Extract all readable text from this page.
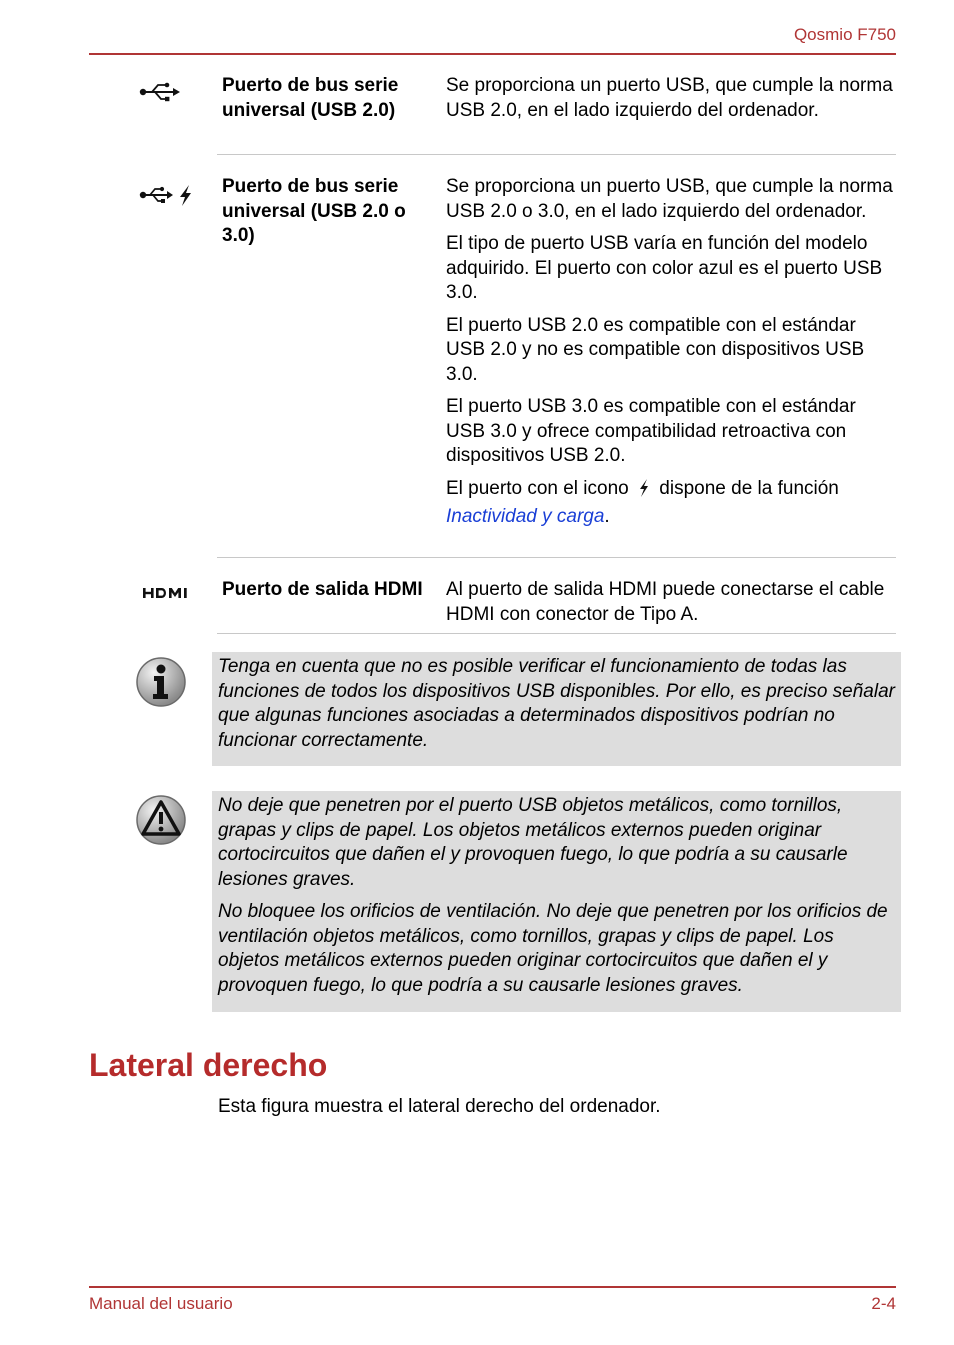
Qosmio F750
Puerto de bus serie universal (USB 2.0)

Se proporciona un puerto USB, que cumple la norma USB 2.0, en el lado izquierdo del ordenador.

Puerto de bus serie universal (USB 2.0 o 3.0)

Se proporciona un puerto USB, que cumple la norma USB 2.0 o 3.0, en el lado izquierdo del ordenador.

El tipo de puerto USB varía en función del modelo adquirido. El puerto con color azul es el puerto USB 3.0.

El puerto USB 2.0 es compatible con el estándar USB 2.0 y no es compatible con dispositivos USB 3.0.

El puerto USB 3.0 es compatible con el estándar USB 3.0 y ofrece compatibilidad retroactiva con dispositivos USB 2.0.

El puerto con el icono dispone de la función
Inactividad y carga.

Puerto de salida HDMI	Al puerto de salida HDMI puede conectarse el cable HDMI con conector de Tipo A.

Tenga en cuenta que no es posible verificar el funcionamiento de todas las funciones de todos los dispositivos USB disponibles. Por ello, es preciso señalar que algunas funciones asociadas a determinados dispositivos podrían no funcionar correctamente.

No deje que penetren por el puerto USB objetos metálicos, como tornillos, grapas y clips de papel. Los objetos metálicos externos pueden originar cortocircuitos que dañen el y provoquen fuego, lo que podría a su causarle lesiones graves.

No bloquee los orificios de ventilación. No deje que penetren por los orificios de ventilación objetos metálicos, como tornillos, grapas y clips de papel. Los objetos metálicos externos pueden originar cortocircuitos que dañen el y provoquen fuego, lo que podría a su causarle lesiones graves.

Lateral derecho
Esta figura muestra el lateral derecho del ordenador.
Manual del usuario	2-4
